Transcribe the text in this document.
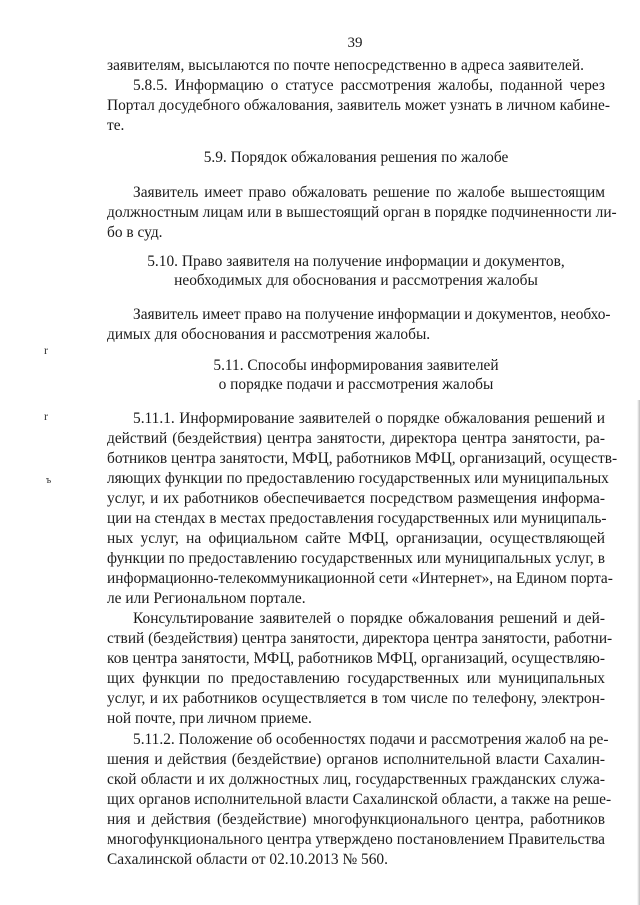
39
заявителям, высылаются по почте непосредственно в адреса заявителей.
5.8.5. Информацию о статусе рассмотрения жалобы, поданной через
Портал досудебного обжалования, заявитель может узнать в личном кабине-
те.
5.9. Порядок обжалования решения по жалобе
Заявитель имеет право обжаловать решение по жалобе вышестоящим
должностным лицам или в вышестоящий орган в порядке подчиненности ли-
бо в суд.
5.10. Право заявителя на получение информации и документов,
необходимых для обоснования и рассмотрения жалобы
Заявитель имеет право на получение информации и документов, необхо-
димых для обоснования и рассмотрения жалобы.
5.11. Способы информирования заявителей
о порядке подачи и рассмотрения жалобы
5.11.1. Информирование заявителей о порядке обжалования решений и
действий (бездействия) центра занятости, директора центра занятости, ра-
ботников центра занятости, МФЦ, работников МФЦ, организаций, осуществ-
ляющих функции по предоставлению государственных или муниципальных
услуг, и их работников обеспечивается посредством размещения информа-
ции на стендах в местах предоставления государственных или муниципаль-
ных услуг, на официальном сайте МФЦ, организации, осуществляющей
функции по предоставлению государственных или муниципальных услуг, в
информационно-телекоммуникационной сети «Интернет», на Едином порта-
ле или Региональном портале.
Консультирование заявителей о порядке обжалования решений и дей-
ствий (бездействия) центра занятости, директора центра занятости, работни-
ков центра занятости, МФЦ, работников МФЦ, организаций, осуществляю-
щих функции по предоставлению государственных или муниципальных
услуг, и их работников осуществляется в том числе по телефону, электрон-
ной почте, при личном приеме.
5.11.2. Положение об особенностях подачи и рассмотрения жалоб на ре-
шения и действия (бездействие) органов исполнительной власти Сахалин-
ской области и их должностных лиц, государственных гражданских служа-
щих органов исполнительной власти Сахалинской области, а также на реше-
ния и действия (бездействие) многофункционального центра, работников
многофункционального центра утверждено постановлением Правительства
Сахалинской области от 02.10.2013 № 560.
r
r
ъ
